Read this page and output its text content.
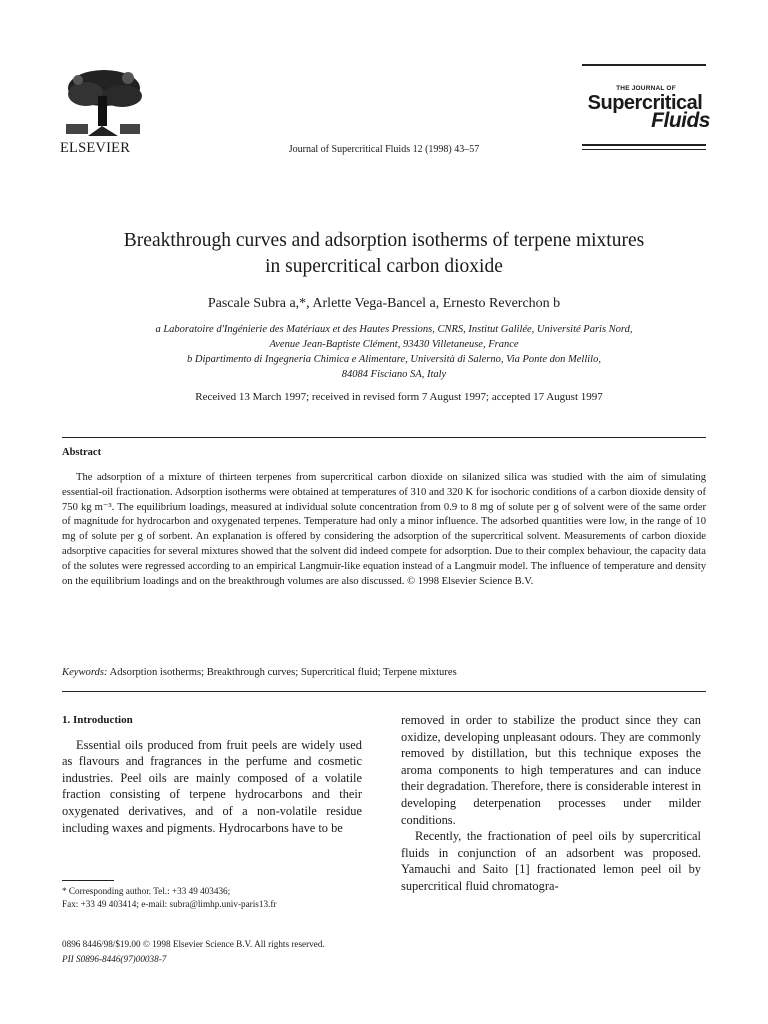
ELSEVIER	Journal of Supercritical Fluids 12 (1998) 43–57
THE JOURNAL OF
Supercritical
Fluids
Breakthrough curves and adsorption isotherms of terpene mixtures
in supercritical carbon dioxide
Pascale Subra a,*, Arlette Vega-Bancel a, Ernesto Reverchon b
a Laboratoire d'Ingénierie des Matériaux et des Hautes Pressions, CNRS, Institut Galilée, Université Paris Nord,
Avenue Jean-Baptiste Clément, 93430 Villetaneuse, France
b Dipartimento di Ingegneria Chimica e Alimentare, Università di Salerno, Via Ponte don Mellilo,
84084 Fisciano SA, Italy
Received 13 March 1997; received in revised form 7 August 1997; accepted 17 August 1997
Abstract
The adsorption of a mixture of thirteen terpenes from supercritical carbon dioxide on silanized silica was studied with the aim of simulating essential-oil fractionation. Adsorption isotherms were obtained at temperatures of 310 and 320 K for isochoric conditions of a carbon dioxide density of 750 kg m⁻³. The equilibrium loadings, measured at individual solute concentration from 0.9 to 8 mg of solute per g of solvent were of the same order of magnitude for hydrocarbon and oxygenated terpenes. Temperature had only a minor influence. The adsorbed quantities were low, in the range of 10 mg of solute per g of sorbent. An explanation is offered by considering the adsorption of the supercritical solvent. Measurements of carbon dioxide adsorptive capacities for several mixtures showed that the solvent did indeed compete for adsorption. Due to their complex behaviour, the capacity data of the solutes were regressed according to an empirical Langmuir-like equation instead of a Langmuir model. The influence of temperature and density on the equilibrium loadings and on the breakthrough volumes are also discussed. © 1998 Elsevier Science B.V.
Keywords: Adsorption isotherms; Breakthrough curves; Supercritical fluid; Terpene mixtures
1. Introduction

Essential oils produced from fruit peels are widely used as flavours and fragrances in the perfume and cosmetic industries. Peel oils are mainly composed of a volatile fraction consisting of terpene hydrocarbons and their oxygenated derivatives, and of a non-volatile residue including waxes and pigments. Hydrocarbons have to be

removed in order to stabilize the product since they can oxidize, developing unpleasant odours. They are commonly removed by distillation, but this technique exposes the aroma components to high temperatures and can induce their degradation. Therefore, there is considerable interest in developing deterpenation processes under milder conditions.

Recently, the fractionation of peel oils by supercritical fluids in conjunction of an adsorbent was proposed. Yamauchi and Saito [1] fractionated lemon peel oil by supercritical fluid chromatogra-

* Corresponding author. Tel.: +33 49 403436;
Fax: +33 49 403414; e-mail: subra@limhp.univ-paris13.fr
0896 8446/98/$19.00 © 1998 Elsevier Science B.V. All rights reserved.
PII S0896-8446(97)00038-7
